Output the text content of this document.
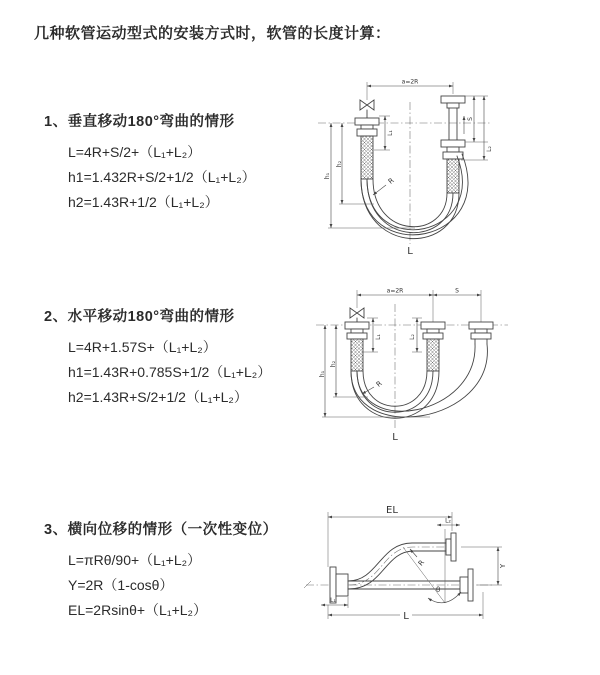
几种软管运动型式的安装方式时，软管的长度计算：
1、垂直移动180°弯曲的情形
L=4R+S/2+（L₁+L₂）
h1=1.432R+S/2+1/2（L₁+L₂）
h2=1.43R+1/2（L₁+L₂）
2、水平移动180°弯曲的情形
L=4R+1.57S+（L₁+L₂）
h1=1.43R+0.785S+1/2（L₁+L₂）
h2=1.43R+S/2+1/2（L₁+L₂）
3、横向位移的情形（一次性变位）
L=πRθ/90+（L₁+L₂）
Y=2R（1-cosθ）
EL=2Rsinθ+（L₁+L₂）
a=2R
h₁
h₂
L₁
S
L₂
R
L
a=2R	S
h₁
h₂
L₁	L₂
R
L
EL
L₂
θ
R	Y
L₁
L
